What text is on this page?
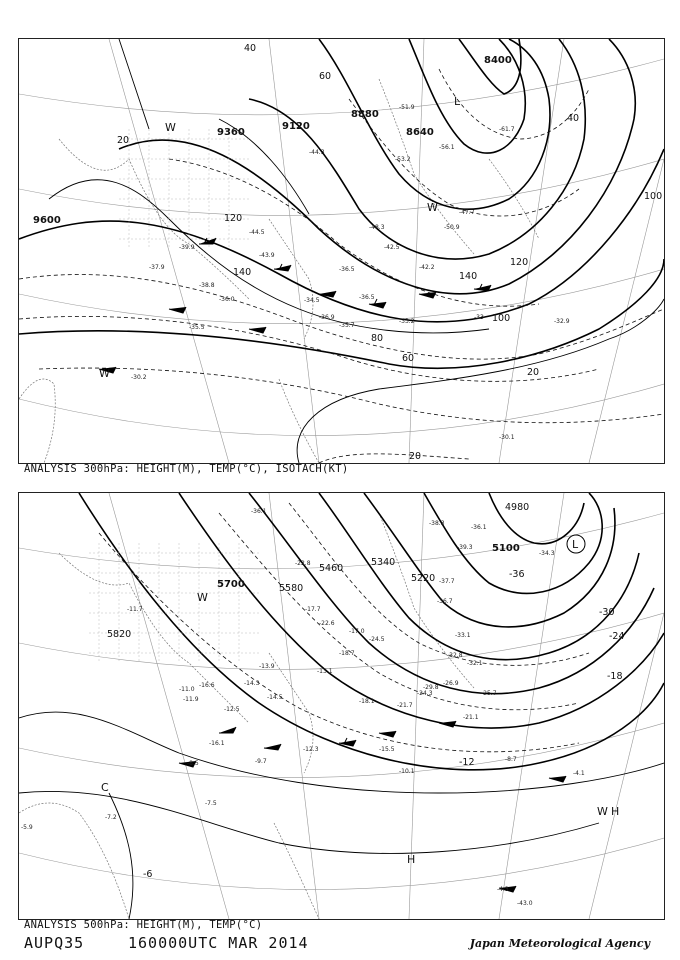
9600
9360
9120
8880
8640
8400
20
20
20
40
40
60
60
80
100
100
120
120
140
140
-44.5
-36.5
-34.5	-36.5
-36.9
-35.7
-33.2
-33
-32.9
-30.1
-47.7
-50.9
-56.1
-61.7
-51.9
-53.2
-48.3
-44.3
-42.2
-42.5
-43.9
-39.9
-38.8
-37.9
-36.0
-35.5
-30.2
L
W
W
W
ANALYSIS 300hPa: HEIGHT(M), TEMP(°C), ISOTACH(KT)
5700
5820
5580
5460
5340
5220
5100
4980
-6
-12
-18
-24
-30
-36
-36.1
-39.3
-34.3
-36.7
-32.1
-26.9
-24.3
-21.7
-21.1
-18.7
-17.7
-16.1
-15.5
-14.3
-13.9
-12.5
-12.3
-10.1
-9.7	-8.7
-8.5
-7.5
-7.2
-5.9
-4.1
-4.3
-11.0
-11.9
-11.7
-16.6
-14.5
-13.1
-22.8
-29.8
-36.1
-37.7
-38.3
-43.0
-18.1
-22.6
-17.0
-24.5
-25.7
-33.1
-32.8
L
H
H
W
W
C
ANALYSIS 500hPa: HEIGHT(M), TEMP(°C)
AUPQ35	160000UTC MAR 2014	Japan Meteorological Agency
